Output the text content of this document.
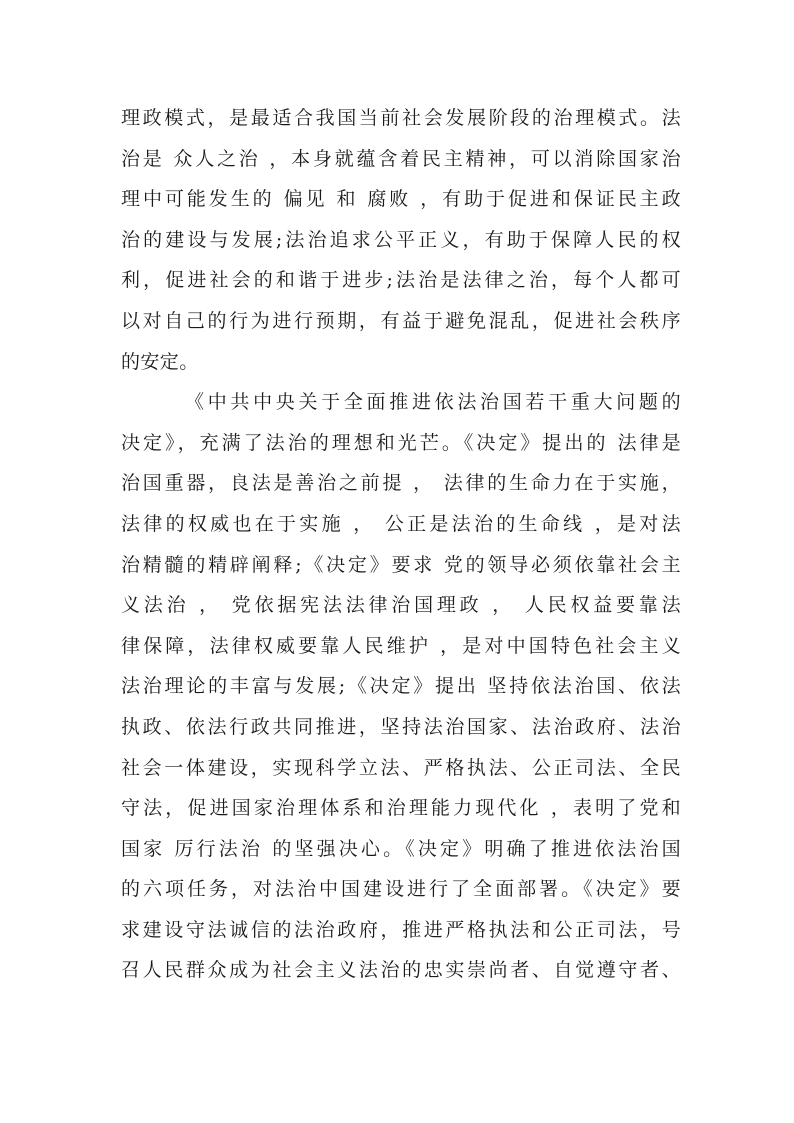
理政模式，是最适合我国当前社会发展阶段的治理模式。法
治是 众人之治 ，本身就蕴含着民主精神，可以消除国家治
理中可能发生的 偏见 和 腐败 ，有助于促进和保证民主政
治的建设与发展;法治追求公平正义，有助于保障人民的权
利，促进社会的和谐于进步;法治是法律之治，每个人都可
以对自己的行为进行预期，有益于避免混乱，促进社会秩序
的安定。
《中共中央关于全面推进依法治国若干重大问题的
决定》，充满了法治的理想和光芒。《决定》提出的 法律是
治国重器，良法是善治之前提 ， 法律的生命力在于实施，
法律的权威也在于实施 ， 公正是法治的生命线 ，是对法
治精髓的精辟阐释;《决定》要求 党的领导必须依靠社会主
义法治 ， 党依据宪法法律治国理政 ， 人民权益要靠法
律保障，法律权威要靠人民维护 ，是对中国特色社会主义
法治理论的丰富与发展;《决定》提出 坚持依法治国、依法
执政、依法行政共同推进，坚持法治国家、法治政府、法治
社会一体建设，实现科学立法、严格执法、公正司法、全民
守法，促进国家治理体系和治理能力现代化 ，表明了党和
国家 厉行法治 的坚强决心。《决定》明确了推进依法治国
的六项任务，对法治中国建设进行了全面部署。《决定》要
求建设守法诚信的法治政府，推进严格执法和公正司法，号
召人民群众成为社会主义法治的忠实崇尚者、自觉遵守者、
